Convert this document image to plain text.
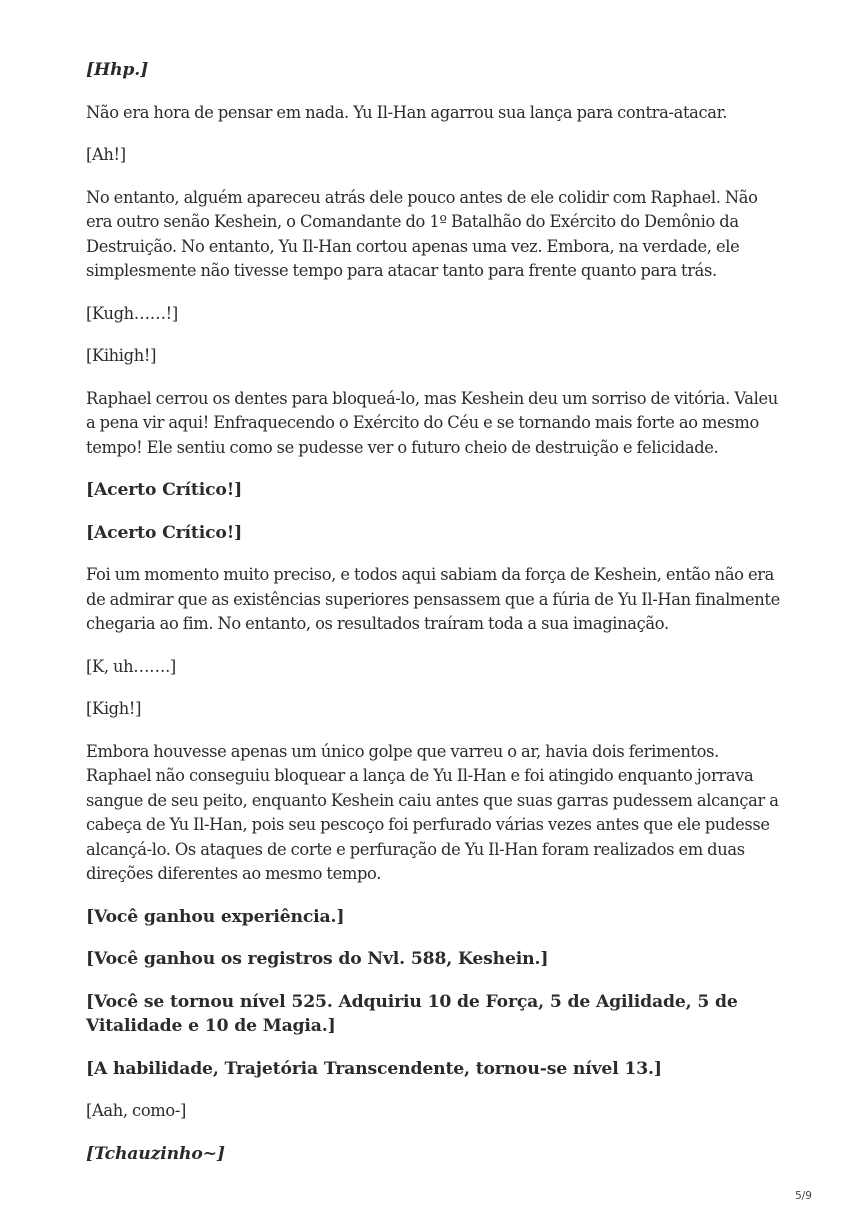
[Hhp.]

Não era hora de pensar em nada. Yu Il-Han agarrou sua lança para contra-atacar.

[Ah!]

No entanto, alguém apareceu atrás dele pouco antes de ele colidir com Raphael. Não era outro senão Keshein, o Comandante do 1º Batalhão do Exército do Demônio da Destruição. No entanto, Yu Il-Han cortou apenas uma vez. Embora, na verdade, ele simplesmente não tivesse tempo para atacar tanto para frente quanto para trás.

[Kugh……!]

[Kihigh!]

Raphael cerrou os dentes para bloqueá-lo, mas Keshein deu um sorriso de vitória. Valeu a pena vir aqui! Enfraquecendo o Exército do Céu e se tornando mais forte ao mesmo tempo! Ele sentiu como se pudesse ver o futuro cheio de destruição e felicidade.

[Acerto Crítico!]

[Acerto Crítico!]

Foi um momento muito preciso, e todos aqui sabiam da força de Keshein, então não era de admirar que as existências superiores pensassem que a fúria de Yu Il-Han finalmente chegaria ao fim. No entanto, os resultados traíram toda a sua imaginação.

[K, uh…….]

[Kigh!]

Embora houvesse apenas um único golpe que varreu o ar, havia dois ferimentos. Raphael não conseguiu bloquear a lança de Yu Il-Han e foi atingido enquanto jorrava sangue de seu peito, enquanto Keshein caiu antes que suas garras pudessem alcançar a cabeça de Yu Il-Han, pois seu pescoço foi perfurado várias vezes antes que ele pudesse alcançá-lo. Os ataques de corte e perfuração de Yu Il-Han foram realizados em duas direções diferentes ao mesmo tempo.

[Você ganhou experiência.]

[Você ganhou os registros do Nvl. 588, Keshein.]

[Você se tornou nível 525. Adquiriu 10 de Força, 5 de Agilidade, 5 de Vitalidade e 10 de Magia.]

[A habilidade, Trajetória Transcendente, tornou-se nível 13.]

[Aah, como-]

[Tchauzinho~]

5/9
